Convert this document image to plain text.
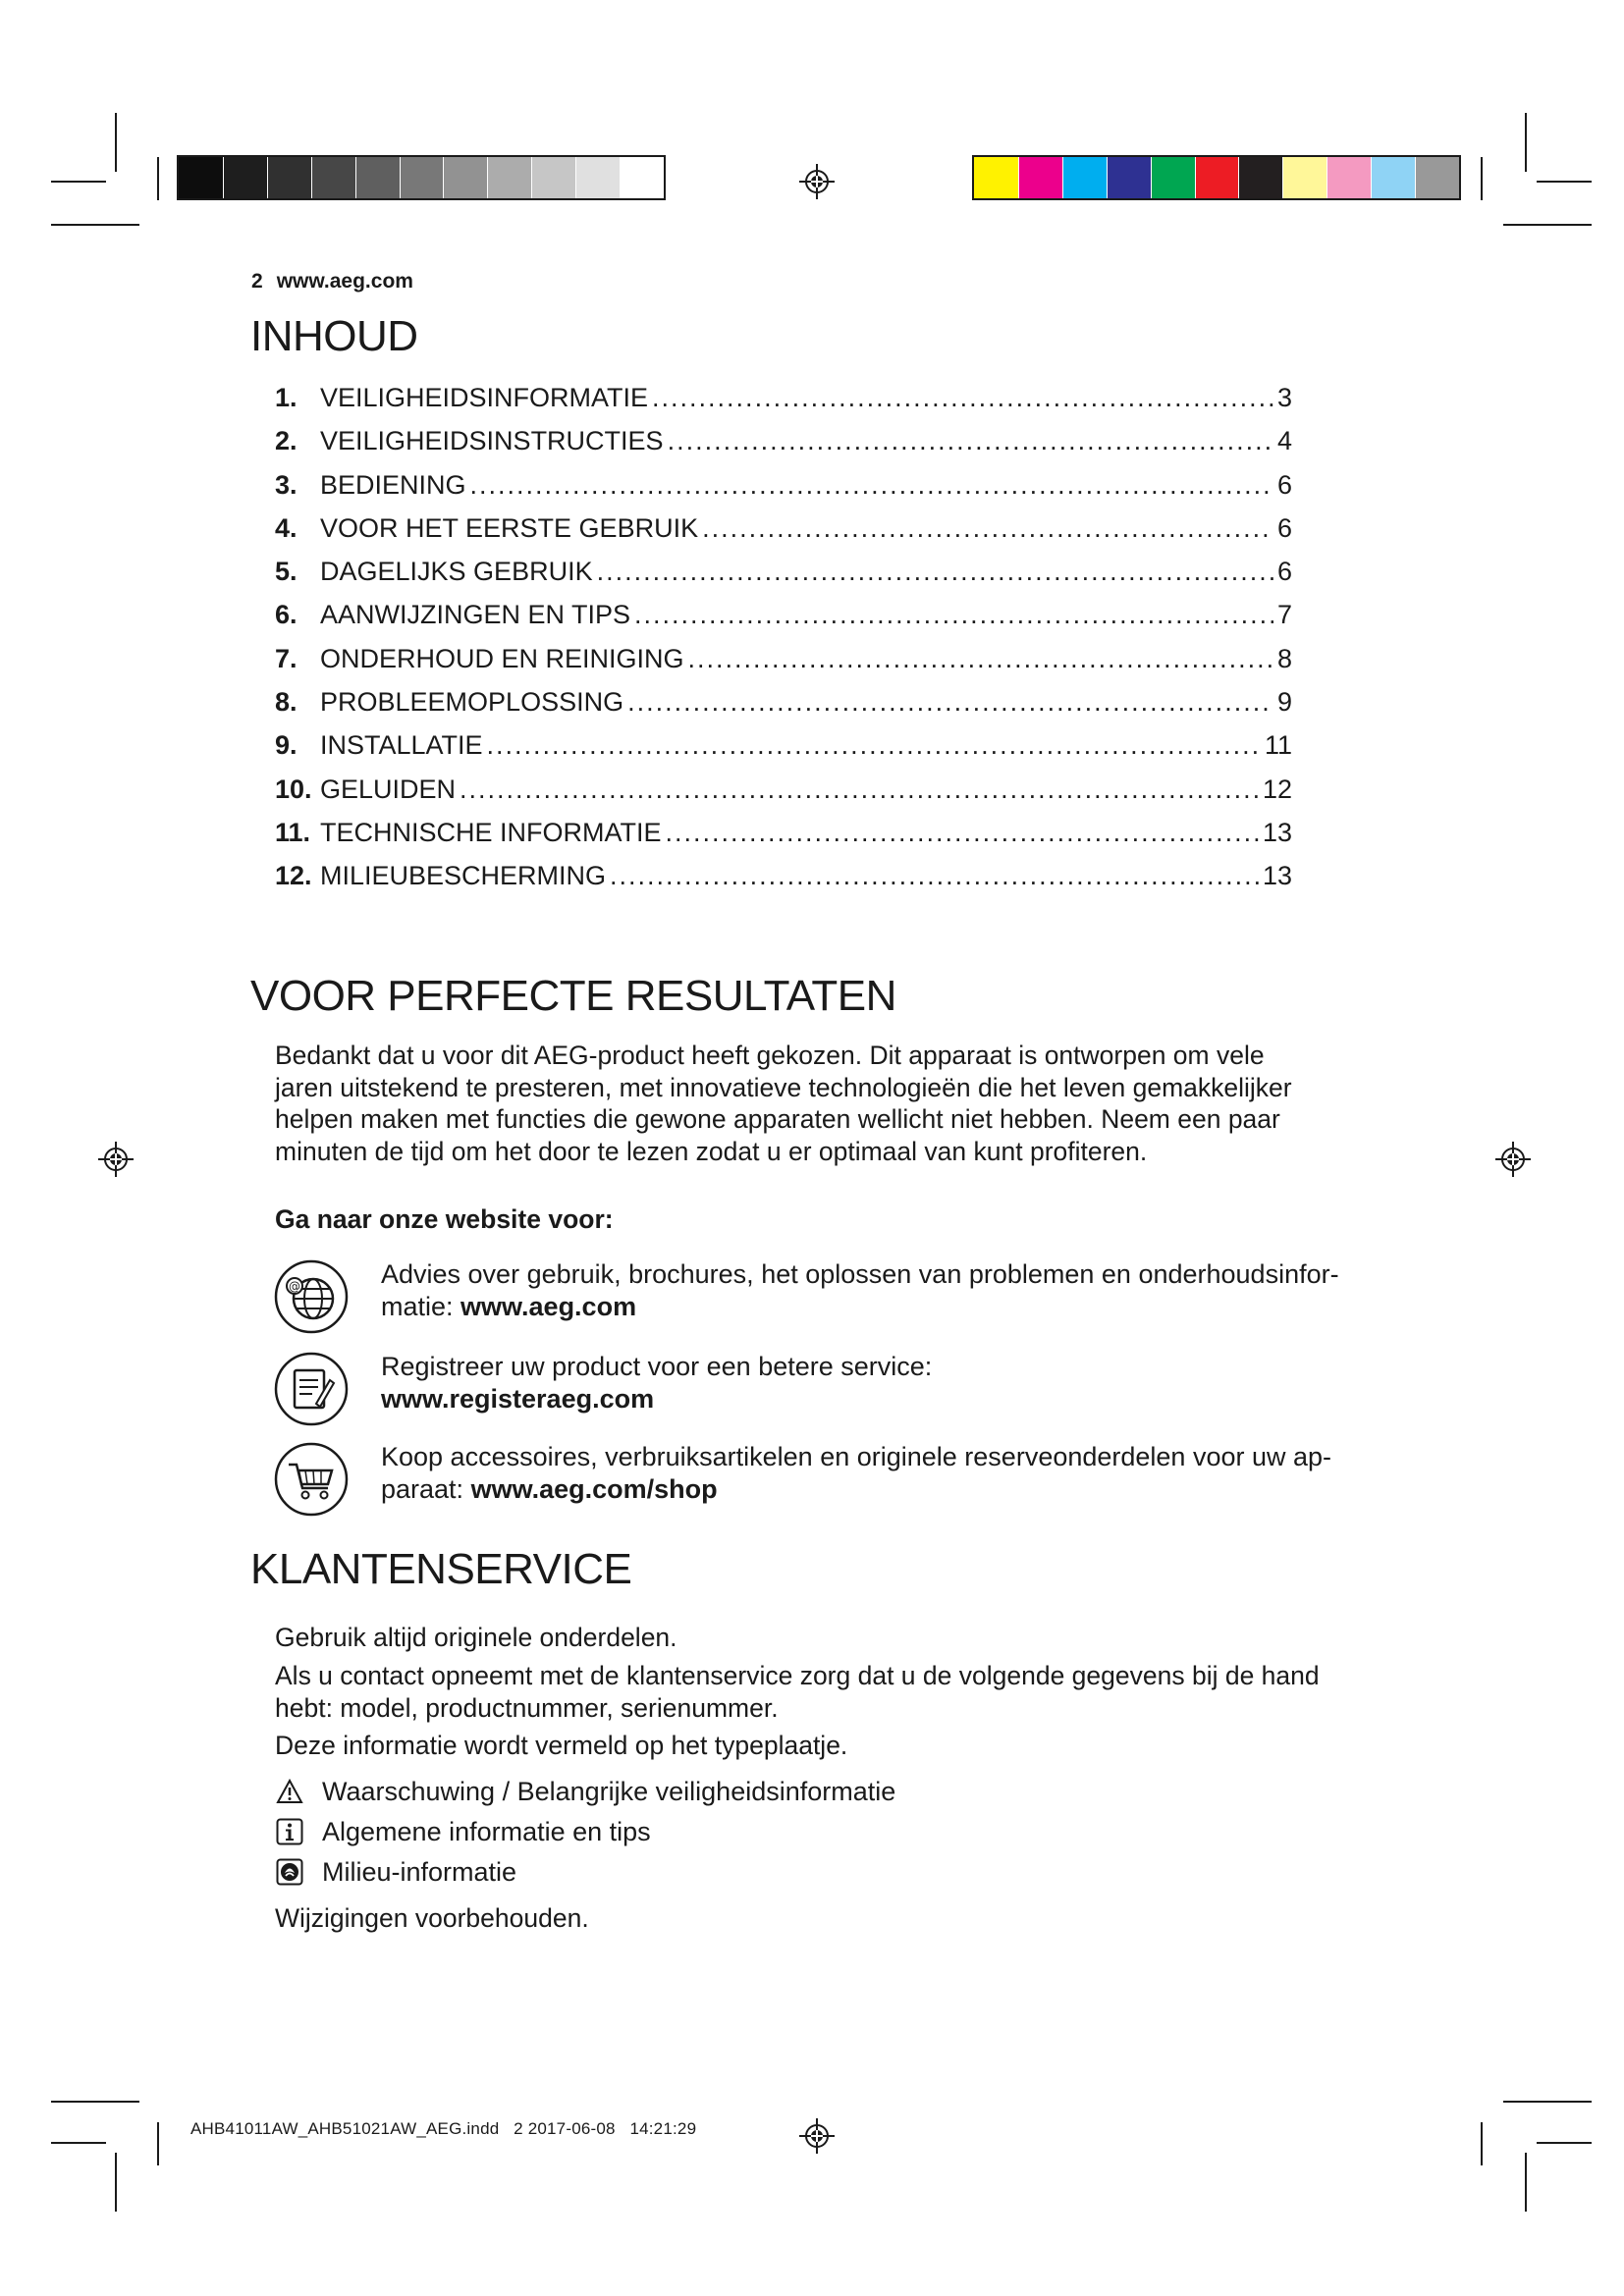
2 www.aeg.com
INHOUD
1. VEILIGHEIDSINFORMATIE .....	3
2. VEILIGHEIDSINSTRUCTIES .....	4
3. BEDIENING .....	6
4. VOOR HET EERSTE GEBRUIK .....	6
5. DAGELIJKS GEBRUIK .....	6
6. AANWIJZINGEN EN TIPS .....	7
7. ONDERHOUD EN REINIGING .....	8
8. PROBLEEMOPLOSSING .....	9
9. INSTALLATIE .....	11
10. GELUIDEN .....	12
11. TECHNISCHE INFORMATIE .....	13
12. MILIEUBESCHERMING .....	13
VOOR PERFECTE RESULTATEN
Bedankt dat u voor dit AEG-product heeft gekozen. Dit apparaat is ontworpen om vele
jaren uitstekend te presteren, met innovatieve technologieën die het leven gemakkelijker
helpen maken met functies die gewone apparaten wellicht niet hebben. Neem een paar
minuten de tijd om het door te lezen zodat u er optimaal van kunt profiteren.
Ga naar onze website voor:
@	Advies over gebruik, brochures, het oplossen van problemen en onderhoudsinfor-
matie: www.aeg.com
Registreer uw product voor een betere service:
www.registeraeg.com
Koop accessoires, verbruiksartikelen en originele reserveonderdelen voor uw ap-
paraat: www.aeg.com/shop
KLANTENSERVICE
Gebruik altijd originele onderdelen.
Als u contact opneemt met de klantenservice zorg dat u de volgende gegevens bij de hand
hebt: model, productnummer, serienummer.
Deze informatie wordt vermeld op het typeplaatje.
Waarschuwing / Belangrijke veiligheidsinformatie
Algemene informatie en tips
Milieu-informatie
Wijzigingen voorbehouden.
AHB41011AW_AHB51021AW_AEG.indd   2 2017-06-08   14:21:29
